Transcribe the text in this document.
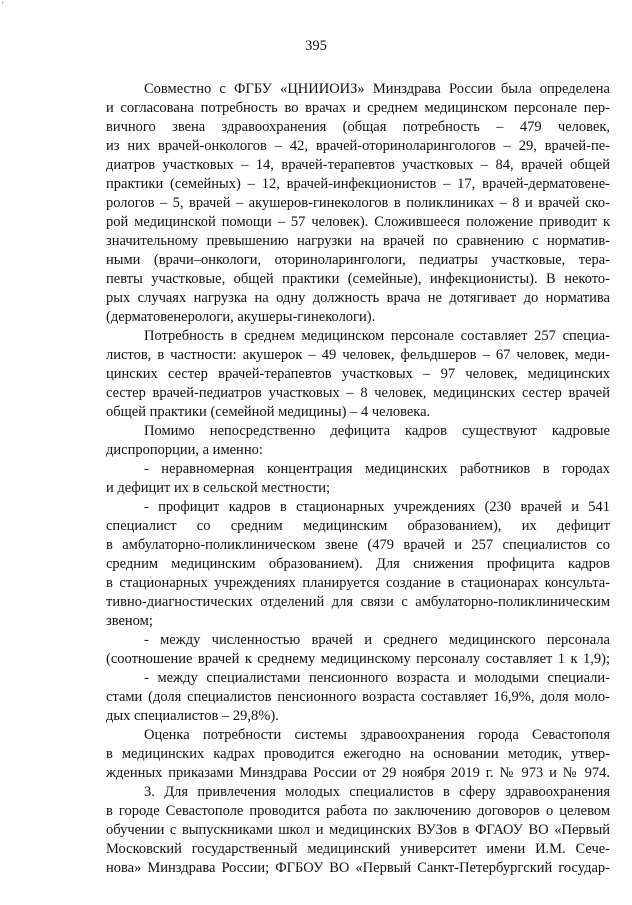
'
395
Совместно с ФГБУ «ЦНИИОИЗ» Минздрава России была определена
и согласована потребность во врачах и среднем медицинском персонале пер-
вичного звена здравоохранения (общая потребность – 479 человек,
из них врачей-онкологов – 42, врачей-оториноларингологов – 29, врачей-пе-
диатров участковых – 14, врачей-терапевтов участковых – 84, врачей общей
практики (семейных) – 12, врачей-инфекционистов – 17, врачей-дерматовене-
рологов – 5, врачей – акушеров-гинекологов в поликлиниках – 8 и врачей ско-
рой медицинской помощи – 57 человек). Сложившееся положение приводит к
значительному превышению нагрузки на врачей по сравнению с норматив-
ными (врачи–онкологи, оториноларингологи, педиатры участковые, тера-
певты участковые, общей практики (семейные), инфекционисты). В некото-
рых случаях нагрузка на одну должность врача не дотягивает до норматива
(дерматовенерологи, акушеры-гинекологи).
Потребность в среднем медицинском персонале составляет 257 специа-
листов, в частности: акушерок – 49 человек, фельдшеров – 67 человек, меди-
цинских сестер врачей-терапевтов участковых – 97 человек, медицинских
сестер врачей-педиатров участковых – 8 человек, медицинских сестер врачей
общей практики (семейной медицины) – 4 человека.
Помимо непосредственно дефицита кадров существуют кадровые
диспропорции, а именно:
- неравномерная концентрация медицинских работников в городах
и дефицит их в сельской местности;
- профицит кадров в стационарных учреждениях (230 врачей и 541
специалист со средним медицинским образованием), их дефицит
в амбулаторно-поликлиническом звене (479 врачей и 257 специалистов со
средним медицинским образованием). Для снижения профицита кадров
в стационарных учреждениях планируется создание в стационарах консульта-
тивно-диагностических отделений для связи с амбулаторно-поликлиническим
звеном;
- между численностью врачей и среднего медицинского персонала
(соотношение врачей к среднему медицинскому персоналу составляет 1 к 1,9);
- между специалистами пенсионного возраста и молодыми специали-
стами (доля специалистов пенсионного возраста составляет 16,9%, доля моло-
дых специалистов – 29,8%).
Оценка потребности системы здравоохранения города Севастополя
в медицинских кадрах проводится ежегодно на основании методик, утвер-
жденных приказами Минздрава России от 29 ноября 2019 г. № 973 и № 974.
3. Для привлечения молодых специалистов в сферу здравоохранения
в городе Севастополе проводится работа по заключению договоров о целевом
обучении с выпускниками школ и медицинских ВУЗов в ФГАОУ ВО «Первый
Московский государственный медицинский университет имени И.М. Сече-
нова» Минздрава России; ФГБОУ ВО «Первый Санкт-Петербургский государ-
